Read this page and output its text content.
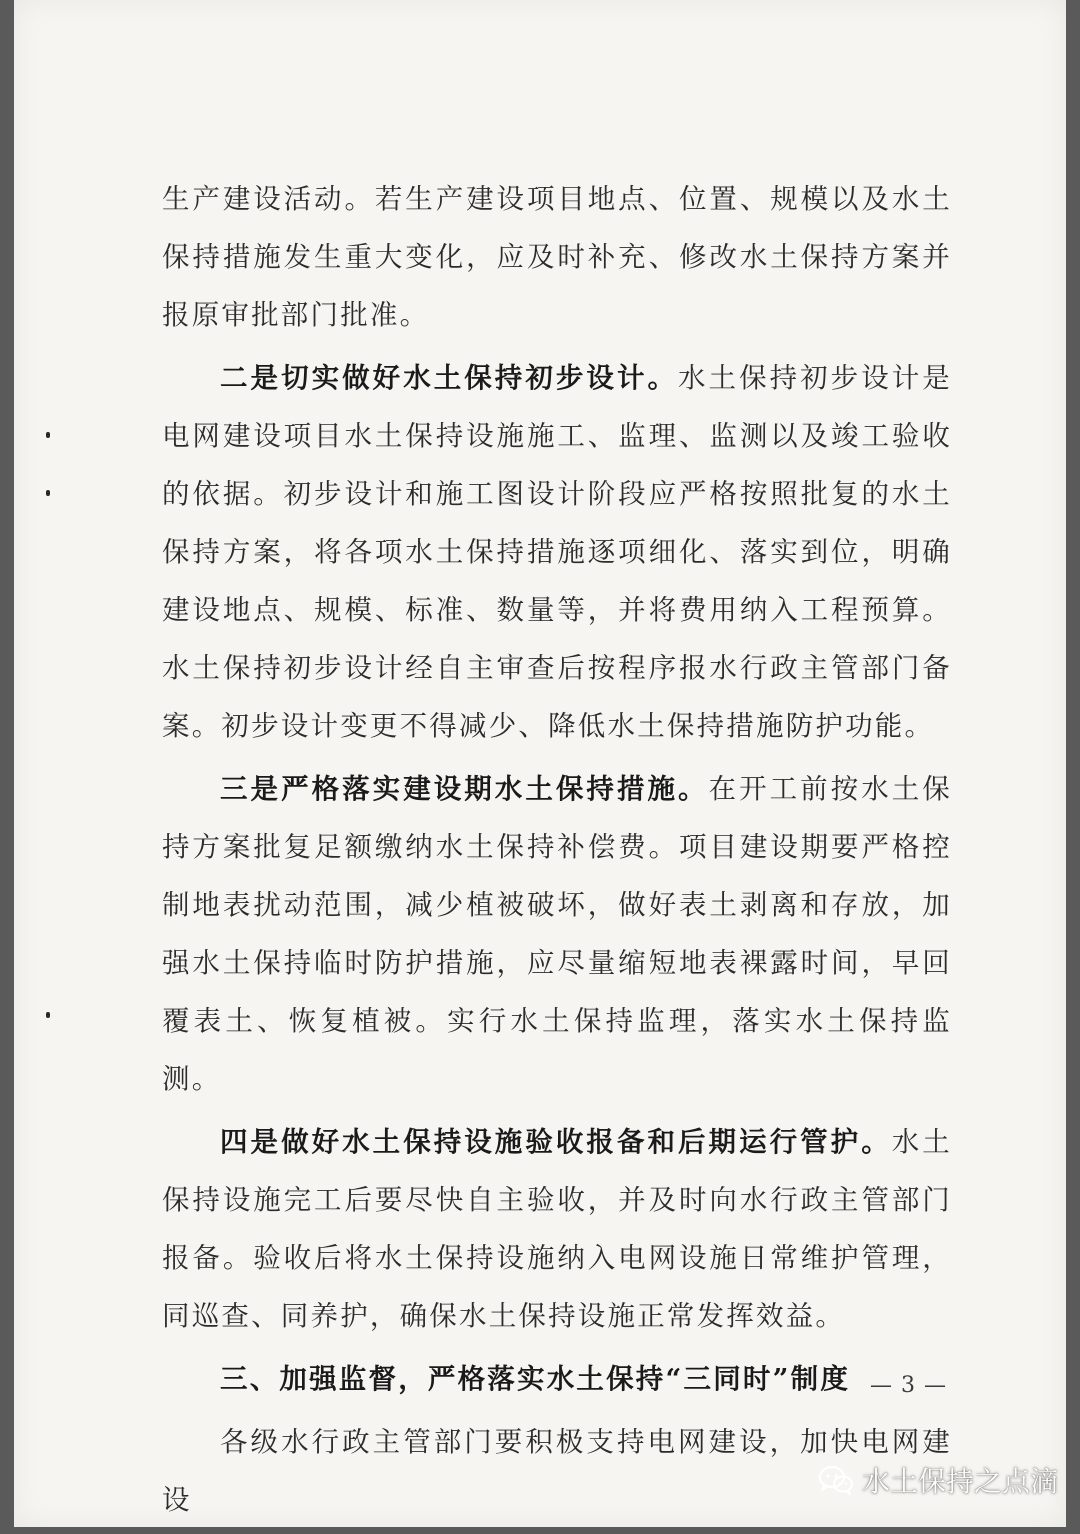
生产建设活动。若生产建设项目地点、位置、规模以及水土保持措施发生重大变化，应及时补充、修改水土保持方案并报原审批部门批准。

二是切实做好水土保持初步设计。水土保持初步设计是电网建设项目水土保持设施施工、监理、监测以及竣工验收的依据。初步设计和施工图设计阶段应严格按照批复的水土保持方案，将各项水土保持措施逐项细化、落实到位，明确建设地点、规模、标准、数量等，并将费用纳入工程预算。水土保持初步设计经自主审查后按程序报水行政主管部门备案。初步设计变更不得减少、降低水土保持措施防护功能。

三是严格落实建设期水土保持措施。在开工前按水土保持方案批复足额缴纳水土保持补偿费。项目建设期要严格控制地表扰动范围，减少植被破坏，做好表土剥离和存放，加强水土保持临时防护措施，应尽量缩短地表裸露时间，早回覆表土、恢复植被。实行水土保持监理，落实水土保持监测。

四是做好水土保持设施验收报备和后期运行管护。水土保持设施完工后要尽快自主验收，并及时向水行政主管部门报备。验收后将水土保持设施纳入电网设施日常维护管理，同巡查、同养护，确保水土保持设施正常发挥效益。

三、加强监督，严格落实水土保持“三同时”制度

各级水行政主管部门要积极支持电网建设，加快电网建设

— 3 —
水土保持之点滴
